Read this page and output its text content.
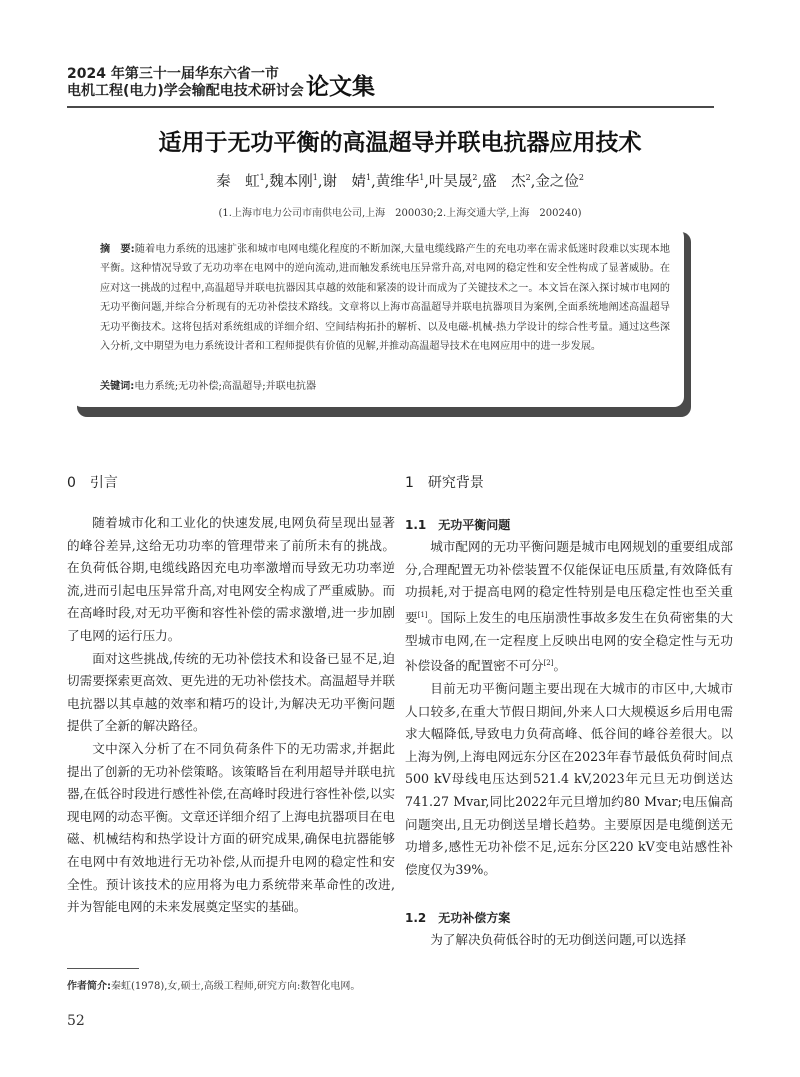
2024 年第三十一届华东六省一市
电机工程(电力)学会输配电技术研讨会 论文集
适用于无功平衡的高温超导并联电抗器应用技术
秦　虹$^1$,魏本刚$^1$,谢　婧$^1$,黄维华$^1$,叶昊晟$^2$,盛　杰$^2$,金之俭$^2$
(1.上海市电力公司市南供电公司,上海　200030;2.上海交通大学,上海　200240)
摘　要:随着电力系统的迅速扩张和城市电网电缆化程度的不断加深,大量电缆线路产生的充电功率在需求低迷时段难以实现本地平衡。这种情况导致了无功功率在电网中的逆向流动,进而触发系统电压异常升高,对电网的稳定性和安全性构成了显著威胁。在应对这一挑战的过程中,高温超导并联电抗器因其卓越的效能和紧凑的设计而成为了关键技术之一。本文旨在深入探讨城市电网的无功平衡问题,并综合分析现有的无功补偿技术路线。文章将以上海市高温超导并联电抗器项目为案例,全面系统地阐述高温超导无功平衡技术。这将包括对系统组成的详细介绍、空间结构拓扑的解析、以及电磁-机械-热力学设计的综合性考量。通过这些深入分析,文中期望为电力系统设计者和工程师提供有价值的见解,并推动高温超导技术在电网应用中的进一步发展。
关键词:电力系统;无功补偿;高温超导;并联电抗器
0　 引言

随着城市化和工业化的快速发展,电网负荷呈现出显著的峰谷差异,这给无功功率的管理带来了前所未有的挑战。在负荷低谷期,电缆线路因充电功率激增而导致无功功率逆流,进而引起电压异常升高,对电网安全构成了严重威胁。而在高峰时段,对无功平衡和容性补偿的需求激增,进一步加剧了电网的运行压力。

面对这些挑战,传统的无功补偿技术和设备已显不足,迫切需要探索更高效、更先进的无功补偿技术。高温超导并联电抗器以其卓越的效率和精巧的设计,为解决无功平衡问题提供了全新的解决路径。

文中深入分析了在不同负荷条件下的无功需求,并据此提出了创新的无功补偿策略。该策略旨在利用超导并联电抗器,在低谷时段进行感性补偿,在高峰时段进行容性补偿,以实现电网的动态平衡。文章还详细介绍了上海电抗器项目在电磁、机械结构和热学设计方面的研究成果,确保电抗器能够在电网中有效地进行无功补偿,从而提升电网的稳定性和安全性。预计该技术的应用将为电力系统带来革命性的改进,并为智能电网的未来发展奠定坚实的基础。

1　 研究背景
1.1　 无功平衡问题

城市配网的无功平衡问题是城市电网规划的重要组成部分,合理配置无功补偿装置不仅能保证电压质量,有效降低有功损耗,对于提高电网的稳定性特别是电压稳定性也至关重要[1]。国际上发生的电压崩溃性事故多发生在负荷密集的大型城市电网,在一定程度上反映出电网的安全稳定性与无功补偿设备的配置密不可分[2]。

目前无功平衡问题主要出现在大城市的市区中,大城市人口较多,在重大节假日期间,外来人口大规模返乡后用电需求大幅降低,导致电力负荷高峰、低谷间的峰谷差很大。以上海为例,上海电网远东分区在2023年春节最低负荷时间点500 kV母线电压达到521.4 kV,2023年元旦无功倒送达741.27 Mvar,同比2022年元旦增加约80 Mvar;电压偏高问题突出,且无功倒送呈增长趋势。主要原因是电缆倒送无功增多,感性无功补偿不足,远东分区220 kV变电站感性补偿度仅为39%。

1.2　 无功补偿方案

为了解决负荷低谷时的无功倒送问题,可以选择

作者简介:秦虹(1978),女,硕士,高级工程师,研究方向:数智化电网。
52
